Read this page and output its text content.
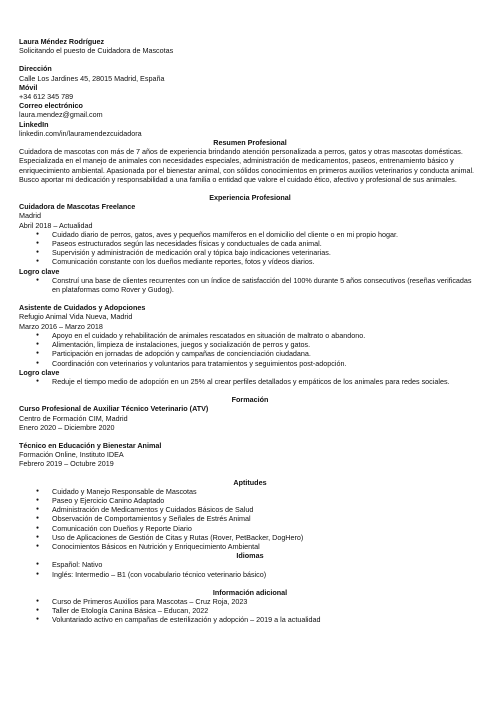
Laura Méndez Rodríguez
Solicitando el puesto de Cuidadora de Mascotas
Dirección
Calle Los Jardines 45, 28015 Madrid, España
Móvil
+34 612 345 789
Correo electrónico
laura.mendez@gmail.com
LinkedIn
linkedin.com/in/lauramendezcuidadora
Resumen Profesional
Cuidadora de mascotas con más de 7 años de experiencia brindando atención personalizada a perros, gatos y otras mascotas domésticas. Especializada en el manejo de animales con necesidades especiales, administración de medicamentos, paseos, entrenamiento básico y enriquecimiento ambiental. Apasionada por el bienestar animal, con sólidos conocimientos en primeros auxilios veterinarios y conducta animal. Busco aportar mi dedicación y responsabilidad a una familia o entidad que valore el cuidado ético, afectivo y profesional de sus animales.
Experiencia Profesional
Cuidadora de Mascotas Freelance
Madrid
Abril 2018 – Actualidad
● Cuidado diario de perros, gatos, aves y pequeños mamíferos en el domicilio del cliente o en mi propio hogar.
● Paseos estructurados según las necesidades físicas y conductuales de cada animal.
● Supervisión y administración de medicación oral y tópica bajo indicaciones veterinarias.
● Comunicación constante con los dueños mediante reportes, fotos y vídeos diarios.
Logro clave
● Construí una base de clientes recurrentes con un índice de satisfacción del 100% durante 5 años consecutivos (reseñas verificadas en plataformas como Rover y Gudog).
Asistente de Cuidados y Adopciones
Refugio Animal Vida Nueva, Madrid
Marzo 2016 – Marzo 2018
● Apoyo en el cuidado y rehabilitación de animales rescatados en situación de maltrato o abandono.
● Alimentación, limpieza de instalaciones, juegos y socialización de perros y gatos.
● Participación en jornadas de adopción y campañas de concienciación ciudadana.
● Coordinación con veterinarios y voluntarios para tratamientos y seguimientos post-adopción.
Logro clave
● Reduje el tiempo medio de adopción en un 25% al crear perfiles detallados y empáticos de los animales para redes sociales.
Formación
Curso Profesional de Auxiliar Técnico Veterinario (ATV)
Centro de Formación CIM, Madrid
Enero 2020 – Diciembre 2020
Técnico en Educación y Bienestar Animal
Formación Online, Instituto IDEA
Febrero 2019 – Octubre 2019
Aptitudes
● Cuidado y Manejo Responsable de Mascotas
● Paseo y Ejercicio Canino Adaptado
● Administración de Medicamentos y Cuidados Básicos de Salud
● Observación de Comportamientos y Señales de Estrés Animal
● Comunicación con Dueños y Reporte Diario
● Uso de Aplicaciones de Gestión de Citas y Rutas (Rover, PetBacker, DogHero)
● Conocimientos Básicos en Nutrición y Enriquecimiento Ambiental
Idiomas
● Español: Nativo
● Inglés: Intermedio – B1 (con vocabulario técnico veterinario básico)
Información adicional
● Curso de Primeros Auxilios para Mascotas – Cruz Roja, 2023
● Taller de Etología Canina Básica – Educan, 2022
● Voluntariado activo en campañas de esterilización y adopción – 2019 a la actualidad
